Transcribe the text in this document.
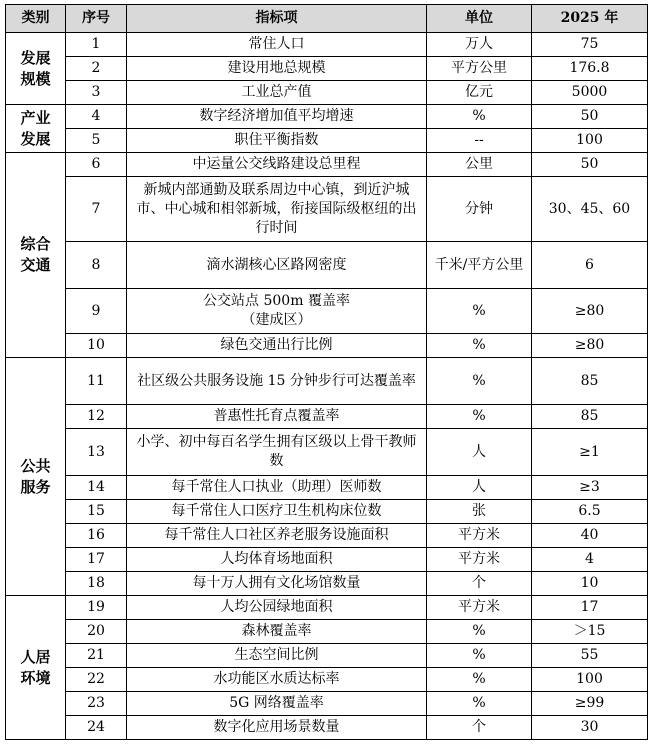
类别	序号	指标项	单位	2025 年
发展
规模	1	常住人口	万人	75
	2	建设用地总规模	平方公里	176.8
	3	工业总产值	亿元	5000
产业
发展	4	数字经济增加值平均增速	%	50
	5	职住平衡指数	--	100
综合
交通	6	中运量公交线路建设总里程	公里	50
	7	新城内部通勤及联系周边中心镇，到近沪城市、中心城和相邻新城，衔接国际级枢纽的出行时间	分钟	30、45、60
	8	滴水湖核心区路网密度	千米/平方公里	6
	9	公交站点 500m 覆盖率
（建成区）	%	≥80
	10	绿色交通出行比例	%	≥80
公共
服务	11	社区级公共服务设施 15 分钟步行可达覆盖率	%	85
	12	普惠性托育点覆盖率	%	85
	13	小学、初中每百名学生拥有区级以上骨干教师数	人	≥1
	14	每千常住人口执业（助理）医师数	人	≥3
	15	每千常住人口医疗卫生机构床位数	张	6.5
	16	每千常住人口社区养老服务设施面积	平方米	40
	17	人均体育场地面积	平方米	4
	18	每十万人拥有文化场馆数量	个	10
人居
环境	19	人均公园绿地面积	平方米	17
	20	森林覆盖率	%	＞15
	21	生态空间比例	%	55
	22	水功能区水质达标率	%	100
	23	5G 网络覆盖率	%	≥99
	24	数字化应用场景数量	个	30
